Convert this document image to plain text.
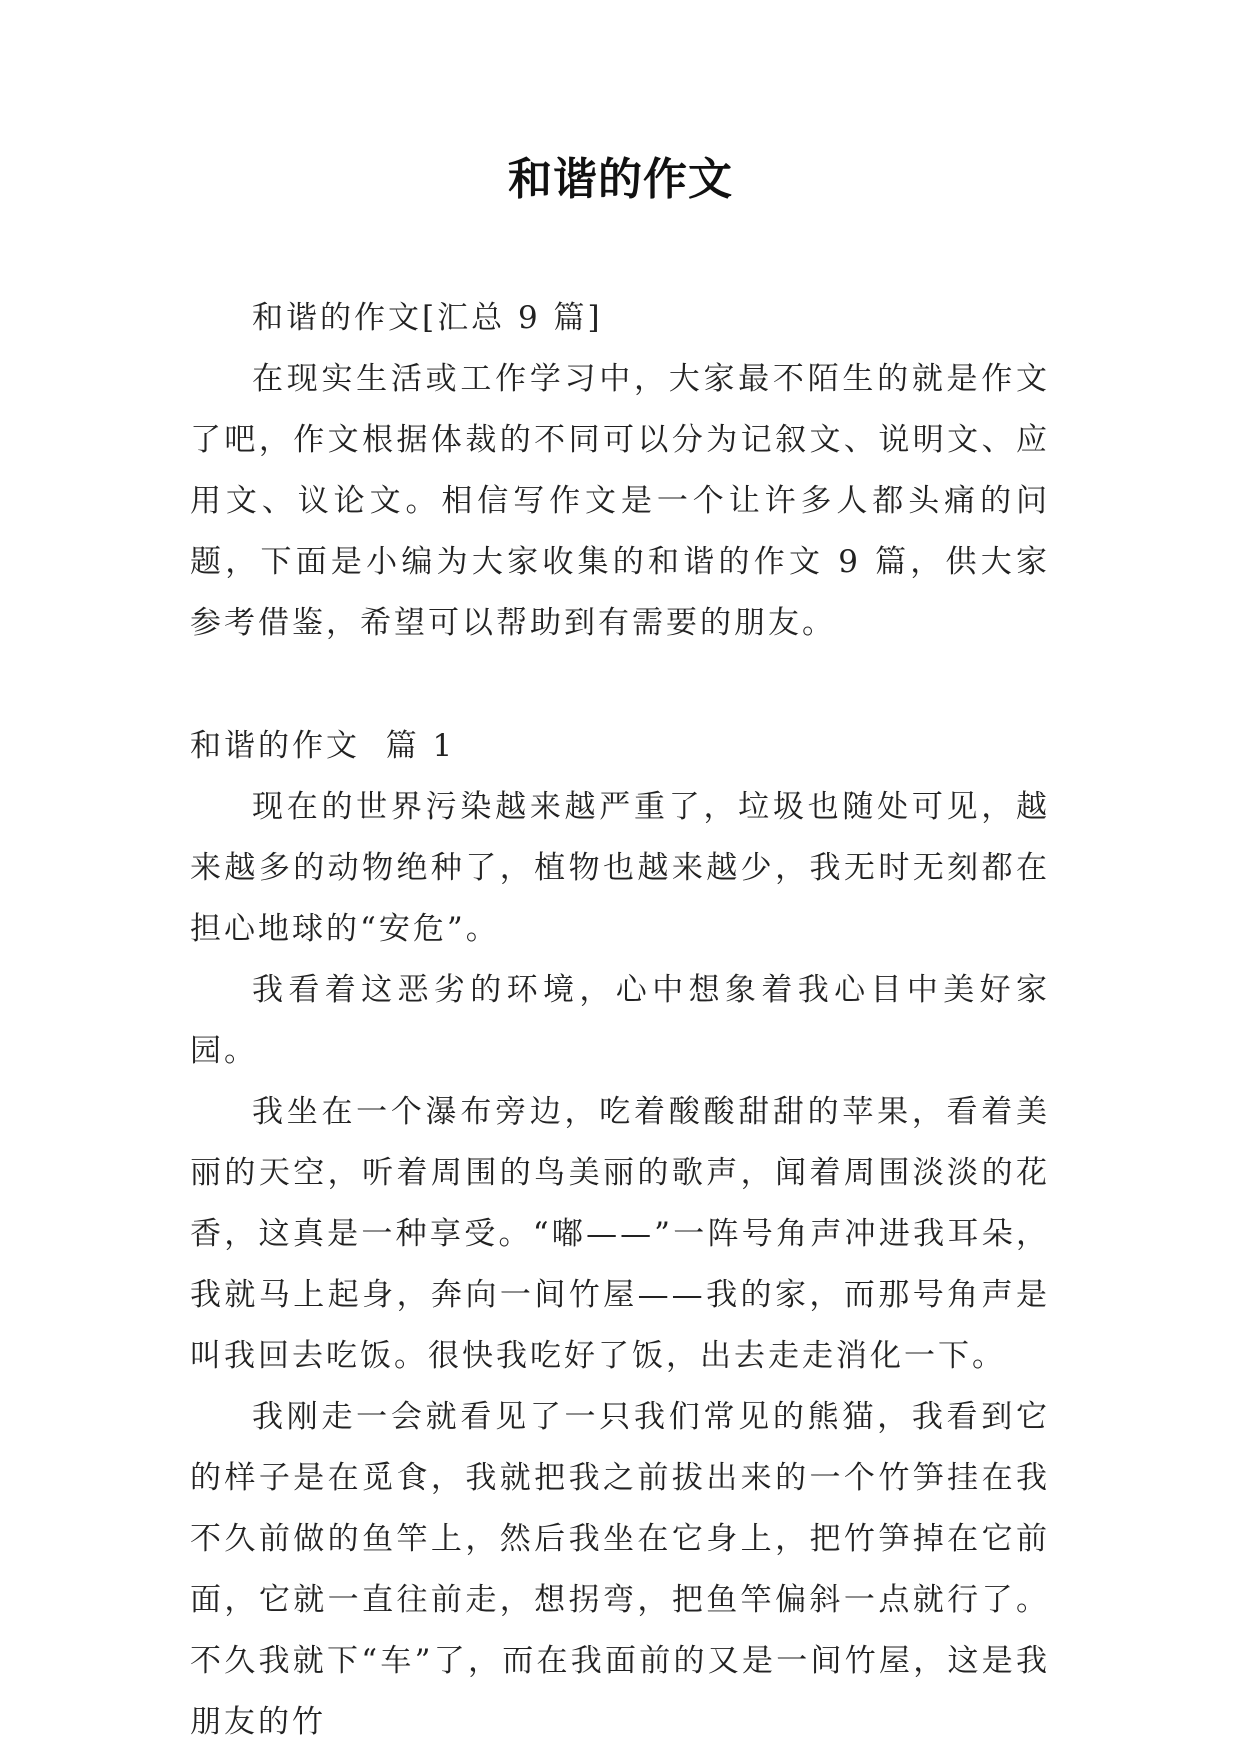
和谐的作文

和谐的作文[汇总 9 篇]

在现实生活或工作学习中，大家最不陌生的就是作文了吧，作文根据体裁的不同可以分为记叙文、说明文、应用文、议论文。相信写作文是一个让许多人都头痛的问题，下面是小编为大家收集的和谐的作文 9 篇，供大家参考借鉴，希望可以帮助到有需要的朋友。

和谐的作文  篇 1

现在的世界污染越来越严重了，垃圾也随处可见，越来越多的动物绝种了，植物也越来越少，我无时无刻都在担心地球的“安危”。

我看着这恶劣的环境，心中想象着我心目中美好家园。

我坐在一个瀑布旁边，吃着酸酸甜甜的苹果，看着美丽的天空，听着周围的鸟美丽的歌声，闻着周围淡淡的花香，这真是一种享受。“嘟——”一阵号角声冲进我耳朵，我就马上起身，奔向一间竹屋——我的家，而那号角声是叫我回去吃饭。很快我吃好了饭，出去走走消化一下。

我刚走一会就看见了一只我们常见的熊猫，我看到它的样子是在觅食，我就把我之前拔出来的一个竹笋挂在我不久前做的鱼竿上，然后我坐在它身上，把竹笋掉在它前面，它就一直往前走，想拐弯，把鱼竿偏斜一点就行了。不久我就下“车”了，而在我面前的又是一间竹屋，这是我朋友的竹
